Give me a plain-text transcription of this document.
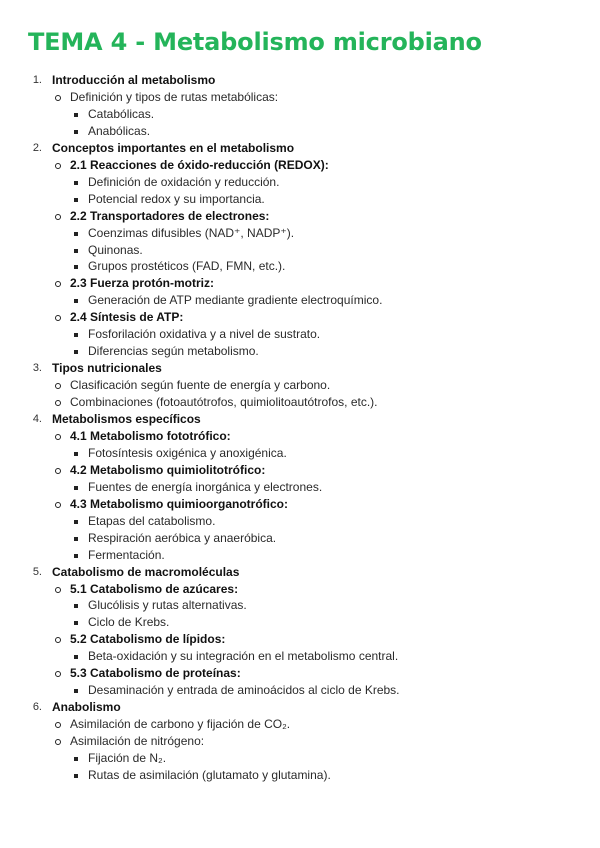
TEMA 4 - Metabolismo microbiano
1. Introducción al metabolismo
Definición y tipos de rutas metabólicas:
Catabólicas.
Anabólicas.
2. Conceptos importantes en el metabolismo
2.1 Reacciones de óxido-reducción (REDOX):
Definición de oxidación y reducción.
Potencial redox y su importancia.
2.2 Transportadores de electrones:
Coenzimas difusibles (NAD⁺, NADP⁺).
Quinonas.
Grupos prostéticos (FAD, FMN, etc.).
2.3 Fuerza protón-motriz:
Generación de ATP mediante gradiente electroquímico.
2.4 Síntesis de ATP:
Fosforilación oxidativa y a nivel de sustrato.
Diferencias según metabolismo.
3. Tipos nutricionales
Clasificación según fuente de energía y carbono.
Combinaciones (fotoautótrofos, quimiolitoautótrofos, etc.).
4. Metabolismos específicos
4.1 Metabolismo fototrófico:
Fotosíntesis oxigénica y anoxigénica.
4.2 Metabolismo quimiolitotrófico:
Fuentes de energía inorgánica y electrones.
4.3 Metabolismo quimioorganotrófico:
Etapas del catabolismo.
Respiración aeróbica y anaeróbica.
Fermentación.
5. Catabolismo de macromoléculas
5.1 Catabolismo de azúcares:
Glucólisis y rutas alternativas.
Ciclo de Krebs.
5.2 Catabolismo de lípidos:
Beta-oxidación y su integración en el metabolismo central.
5.3 Catabolismo de proteínas:
Desaminación y entrada de aminoácidos al ciclo de Krebs.
6. Anabolismo
Asimilación de carbono y fijación de CO₂.
Asimilación de nitrógeno:
Fijación de N₂.
Rutas de asimilación (glutamato y glutamina).
